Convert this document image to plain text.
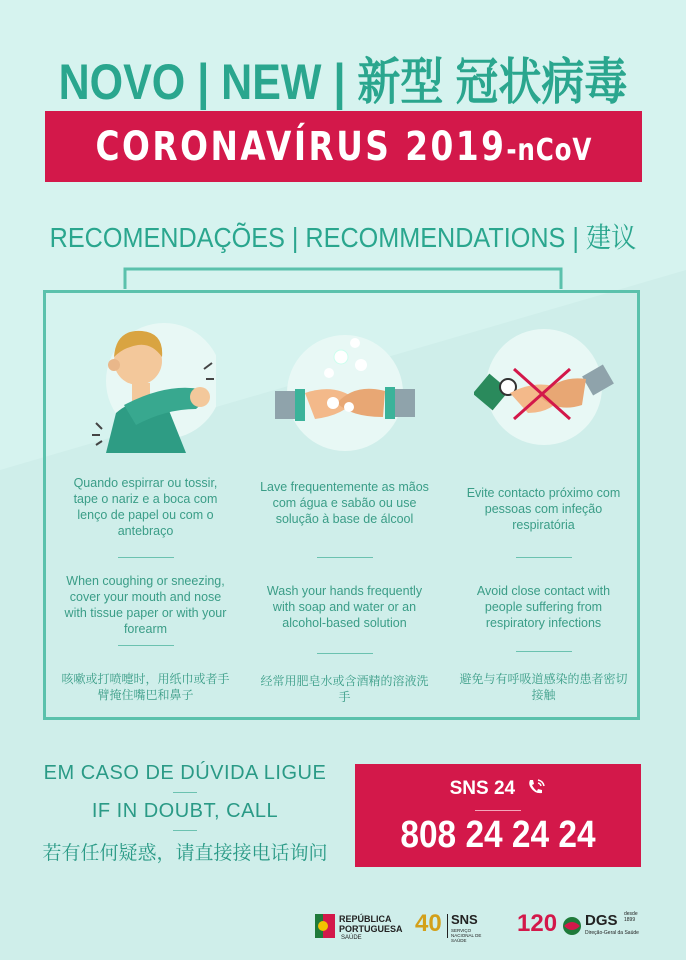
NOVO | NEW | 新型 冠状病毒
CORONAVÍRUS 2019-nCoV
RECOMENDAÇÕES | RECOMMENDATIONS | 建议
Quando espirrar ou tossir, tape o nariz e a boca com lenço de papel ou com o antebraço
When coughing or sneezing, cover your mouth and nose with tissue paper or with your forearm
咳嗽或打喷嚏时，用纸巾或者手臂掩住嘴巴和鼻子
Lave frequentemente as mãos com água e sabão ou use solução à base de álcool
Wash your hands frequently with soap and water or an alcohol-based solution
经常用肥皂水或含酒精的溶液洗手
Evite contacto próximo com pessoas com infeção respiratória
Avoid close contact with people suffering from respiratory infections
避免与有呼吸道感染的患者密切接触
EM CASO DE DÚVIDA LIGUE
IF IN DOUBT, CALL
若有任何疑惑，请直接接电话询问
SNS 24
808 24 24 24
REPÚBLICA
PORTUGUESA
SAÚDE
40 SNS
SERVIÇO NACIONAL DE SAÚDE
120 DGS desde 1899
Direção-Geral da Saúde
